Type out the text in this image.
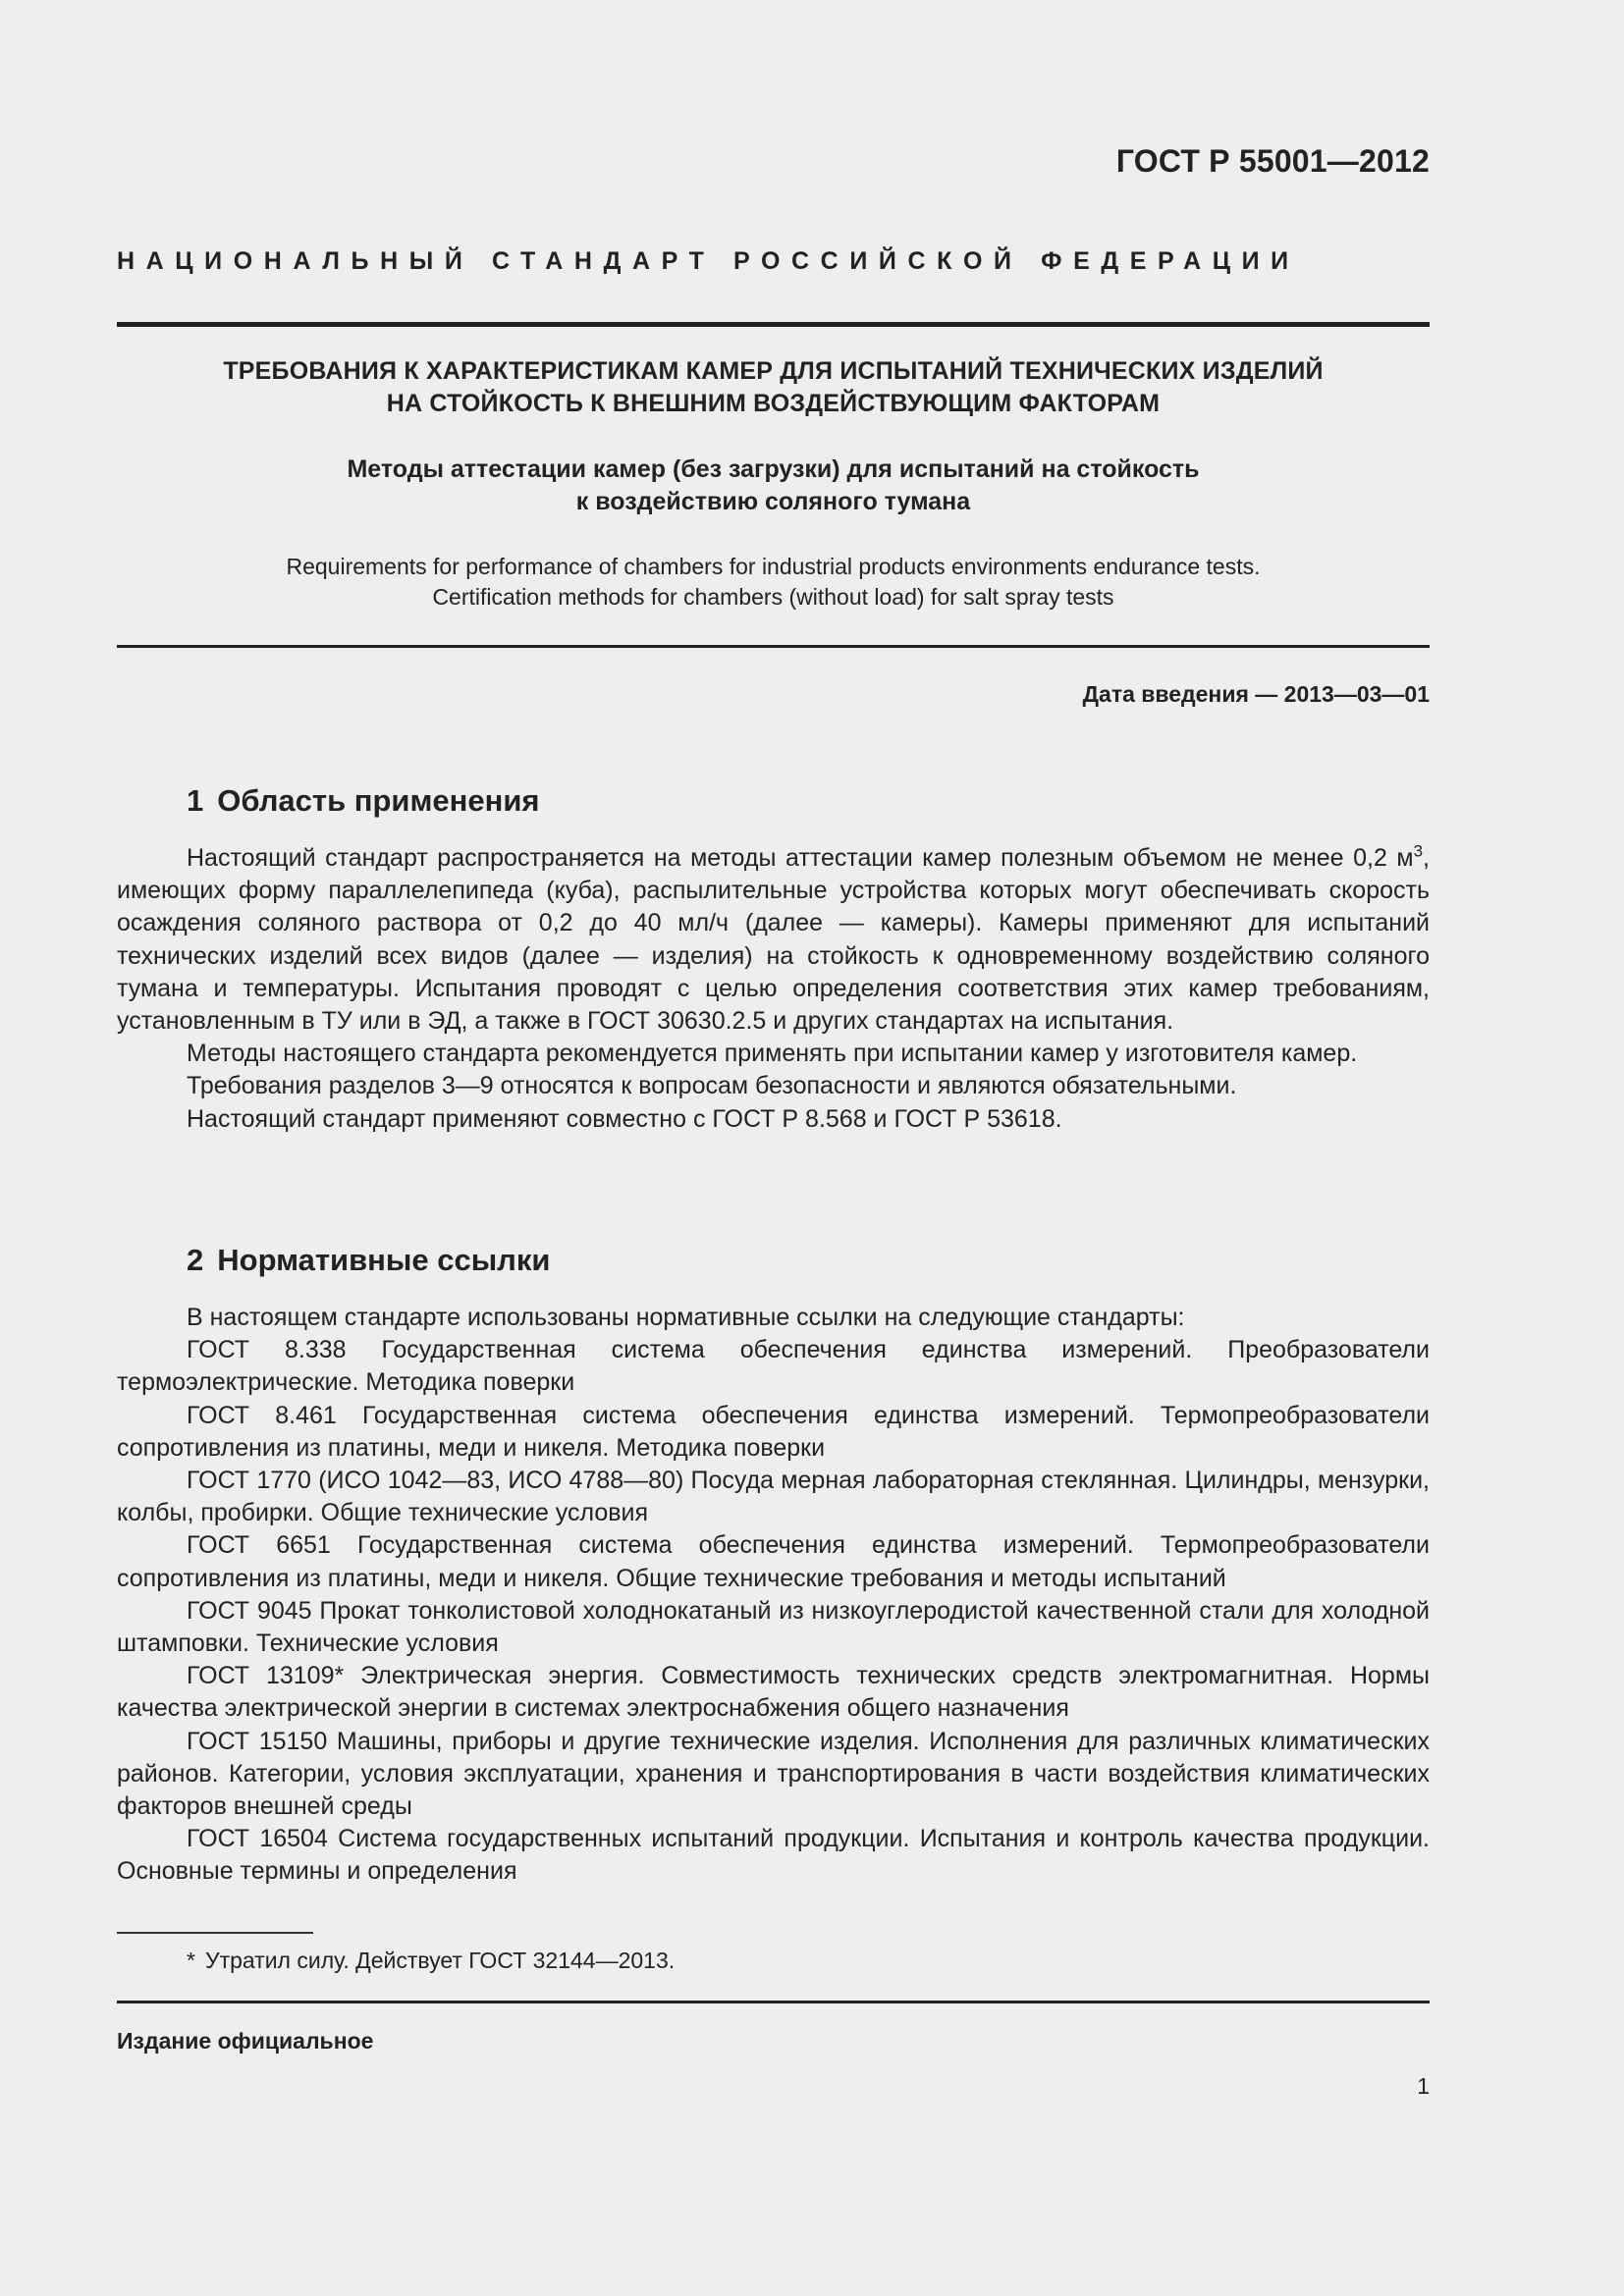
ГОСТ Р 55001—2012
НАЦИОНАЛЬНЫЙ СТАНДАРТ РОССИЙСКОЙ ФЕДЕРАЦИИ
ТРЕБОВАНИЯ К ХАРАКТЕРИСТИКАМ КАМЕР ДЛЯ ИСПЫТАНИЙ ТЕХНИЧЕСКИХ ИЗДЕЛИЙ
НА СТОЙКОСТЬ К ВНЕШНИМ ВОЗДЕЙСТВУЮЩИМ ФАКТОРАМ
Методы аттестации камер (без загрузки) для испытаний на стойкость
к воздействию соляного тумана
Requirements for performance of chambers for industrial products environments endurance tests.
Certification methods for chambers (without load) for salt spray tests
Дата введения — 2013—03—01
1 Область применения

Настоящий стандарт распространяется на методы аттестации камер полезным объемом не менее 0,2 $м^3$, имеющих форму параллелепипеда (куба), распылительные устройства которых могут обеспечивать скорость осаждения соляного раствора от 0,2 до 40 мл/ч (далее — камеры). Камеры применяют для испытаний технических изделий всех видов (далее — изделия) на стойкость к одновременному воздействию соляного тумана и температуры. Испытания проводят с целью определения соответствия этих камер требованиям, установленным в ТУ или в ЭД, а также в ГОСТ 30630.2.5 и других стандартах на испытания.

Методы настоящего стандарта рекомендуется применять при испытании камер у изготовителя камер.

Требования разделов 3—9 относятся к вопросам безопасности и являются обязательными.

Настоящий стандарт применяют совместно с ГОСТ Р 8.568 и ГОСТ Р 53618.

2 Нормативные ссылки

В настоящем стандарте использованы нормативные ссылки на следующие стандарты:

ГОСТ 8.338 Государственная система обеспечения единства измерений. Преобразователи термоэлектрические. Методика поверки

ГОСТ 8.461 Государственная система обеспечения единства измерений. Термопреобразователи сопротивления из платины, меди и никеля. Методика поверки

ГОСТ 1770 (ИСО 1042—83, ИСО 4788—80) Посуда мерная лабораторная стеклянная. Цилиндры, мензурки, колбы, пробирки. Общие технические условия

ГОСТ 6651 Государственная система обеспечения единства измерений. Термопреобразователи сопротивления из платины, меди и никеля. Общие технические требования и методы испытаний

ГОСТ 9045 Прокат тонколистовой холоднокатаный из низкоуглеродистой качественной стали для холодной штамповки. Технические условия

ГОСТ 13109* Электрическая энергия. Совместимость технических средств электромагнитная. Нормы качества электрической энергии в системах электроснабжения общего назначения

ГОСТ 15150 Машины, приборы и другие технические изделия. Исполнения для различных климатических районов. Категории, условия эксплуатации, хранения и транспортирования в части воздействия климатических факторов внешней среды

ГОСТ 16504 Система государственных испытаний продукции. Испытания и контроль качества продукции. Основные термины и определения

* Утратил силу. Действует ГОСТ 32144—2013.
Издание официальное
1
